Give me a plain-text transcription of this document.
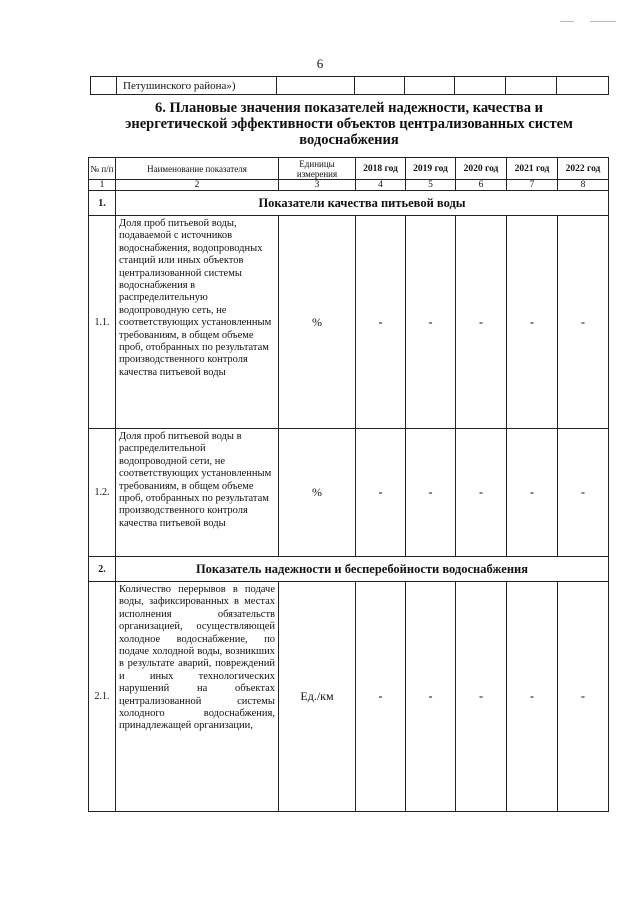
6
	Петушинского района»)						
6. Плановые значения показателей надежности, качества и
энергетической эффективности объектов централизованных систем
водоснабжения
№ п/п	Наименование показателя	Единицы измерения	2018 год	2019 год	2020 год	2021 год	2022 год
1	2	3	4	5	6	7	8
1.	Показатели качества питьевой воды						
1.1.	Доля проб питьевой воды, подаваемой с источников водоснабжения, водопроводных станций или иных объектов централизованной системы водоснабжения в распределительную водопроводную сеть, не соответствующих установленным требованиям, в общем объеме проб, отобранных по результатам производственного контроля качества питьевой воды	%	-	-	-	-	-
1.2.	Доля проб питьевой воды в распределительной водопроводной сети, не соответствующих установленным требованиям, в общем объеме проб, отобранных по результатам производственного контроля качества питьевой воды	%	-	-	-	-	-
2.	Показатель надежности и бесперебойности водоснабжения						
2.1.	Количество перерывов в подаче воды, зафиксированных в местах исполнения обязательств организацией, осуществляющей холодное водоснабжение, по подаче холодной воды, возникших в результате аварий, повреждений и иных технологических нарушений на объектах централизованной системы холодного водоснабжения, принадлежащей организации,	Ед./км	-	-	-	-	-
